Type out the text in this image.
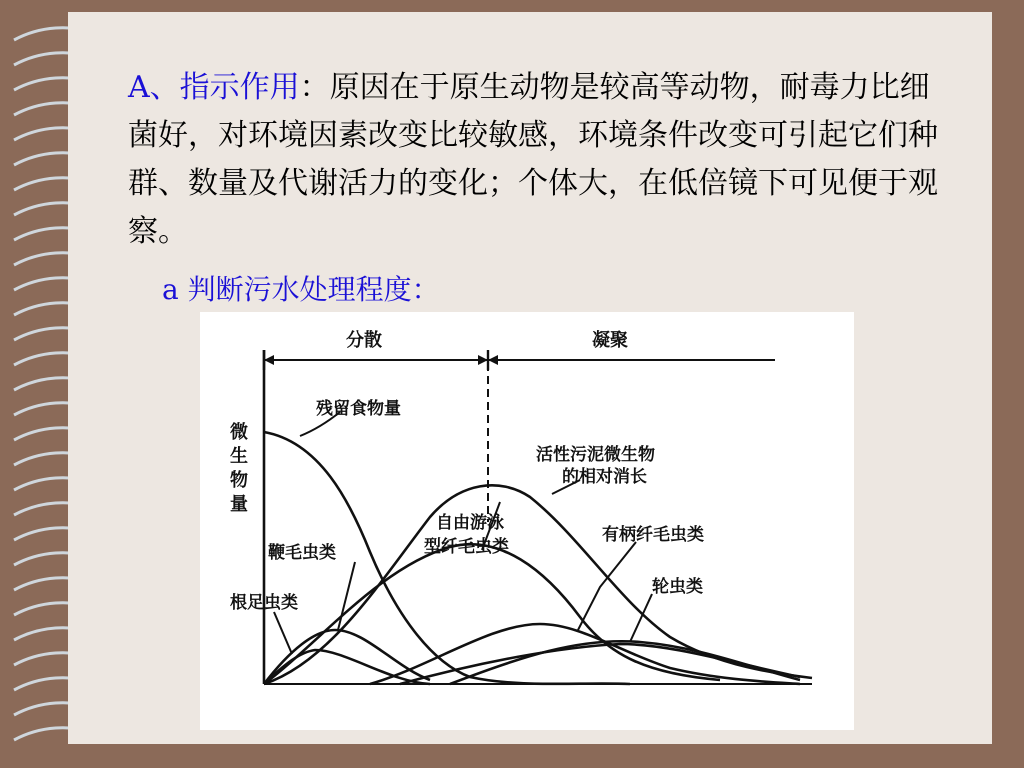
A、指示作用：原因在于原生动物是较高等动物，耐毒力比细菌好，对环境因素改变比较敏感，环境条件改变可引起它们种群、数量及代谢活力的变化；个体大，在低倍镜下可见便于观察。
a 判断污水处理程度：
分散	凝聚
微
生
物
量
残留食物量
活性污泥微生物
的相对消长
自由游泳
型纤毛虫类
有柄纤毛虫类
鞭毛虫类
轮虫类
根足虫类
